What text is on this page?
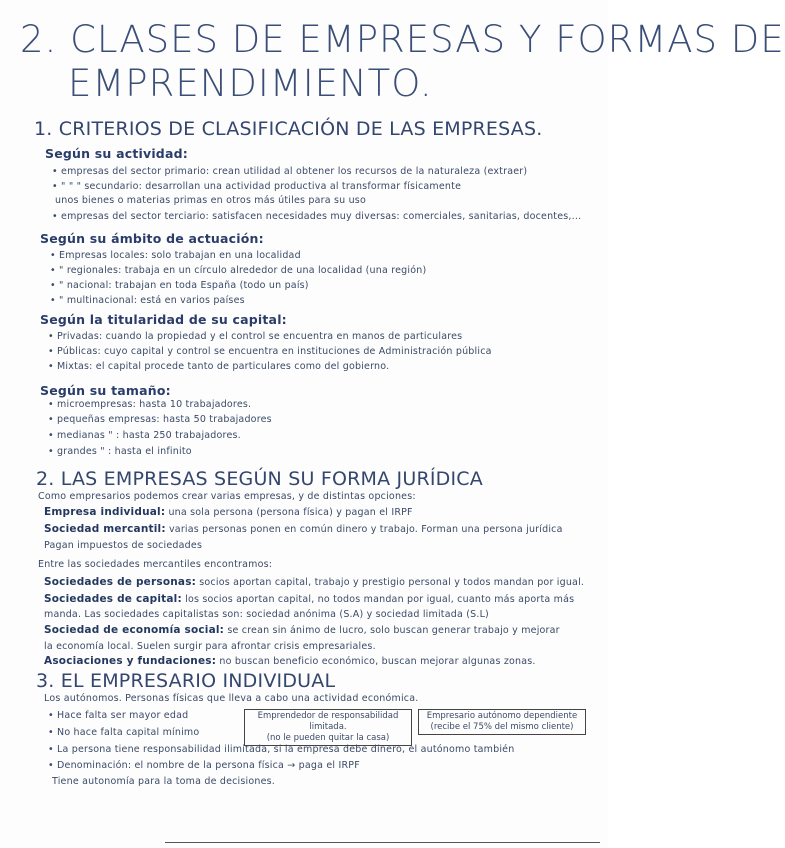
2. CLASES DE EMPRESAS Y FORMAS DE
EMPRENDIMIENTO.
1. CRITERIOS DE CLASIFICACIÓN DE LAS EMPRESAS.
Según su actividad:
• empresas del sector primario: crean utilidad al obtener los recursos de la naturaleza (extraer)
• " " " secundario: desarrollan una actividad productiva al transformar físicamente
unos bienes o materias primas en otros más útiles para su uso
• empresas del sector terciario: satisfacen necesidades muy diversas: comerciales, sanitarias, docentes,...
Según su ámbito de actuación:
• Empresas locales: solo trabajan en una localidad
• " regionales: trabaja en un círculo alrededor de una localidad (una región)
• " nacional: trabajan en toda España (todo un país)
• " multinacional: está en varios países
Según la titularidad de su capital:
• Privadas: cuando la propiedad y el control se encuentra en manos de particulares
• Públicas: cuyo capital y control se encuentra en instituciones de Administración pública
• Mixtas: el capital procede tanto de particulares como del gobierno.
Según su tamaño:
• microempresas: hasta 10 trabajadores.
• pequeñas empresas: hasta 50 trabajadores
• medianas " : hasta 250 trabajadores.
• grandes " : hasta el infinito
2. LAS EMPRESAS SEGÚN SU FORMA JURÍDICA
Como empresarios podemos crear varias empresas, y de distintas opciones:
Empresa individual: una sola persona (persona física) y pagan el IRPF
Sociedad mercantil: varias personas ponen en común dinero y trabajo. Forman una persona jurídica
Pagan impuestos de sociedades
Entre las sociedades mercantiles encontramos:
Sociedades de personas: socios aportan capital, trabajo y prestigio personal y todos mandan por igual.
Sociedades de capital: los socios aportan capital, no todos mandan por igual, cuanto más aporta más
manda. Las sociedades capitalistas son: sociedad anónima (S.A) y sociedad limitada (S.L)
Sociedad de economía social: se crean sin ánimo de lucro, solo buscan generar trabajo y mejorar
la economía local. Suelen surgir para afrontar crisis empresariales.
Asociaciones y fundaciones: no buscan beneficio económico, buscan mejorar algunas zonas.
3. EL EMPRESARIO INDIVIDUAL
Los autónomos. Personas físicas que lleva a cabo una actividad económica.
• Hace falta ser mayor edad
• No hace falta capital mínimo
• La persona tiene responsabilidad ilimitada, si la empresa debe dinero, el autónomo también
• Denominación: el nombre de la persona física → paga el IRPF
Tiene autonomía para la toma de decisiones.
Emprendedor de responsabilidad
limitada.
(no le pueden quitar la casa)
Empresario autónomo dependiente
(recibe el 75% del mismo cliente)
